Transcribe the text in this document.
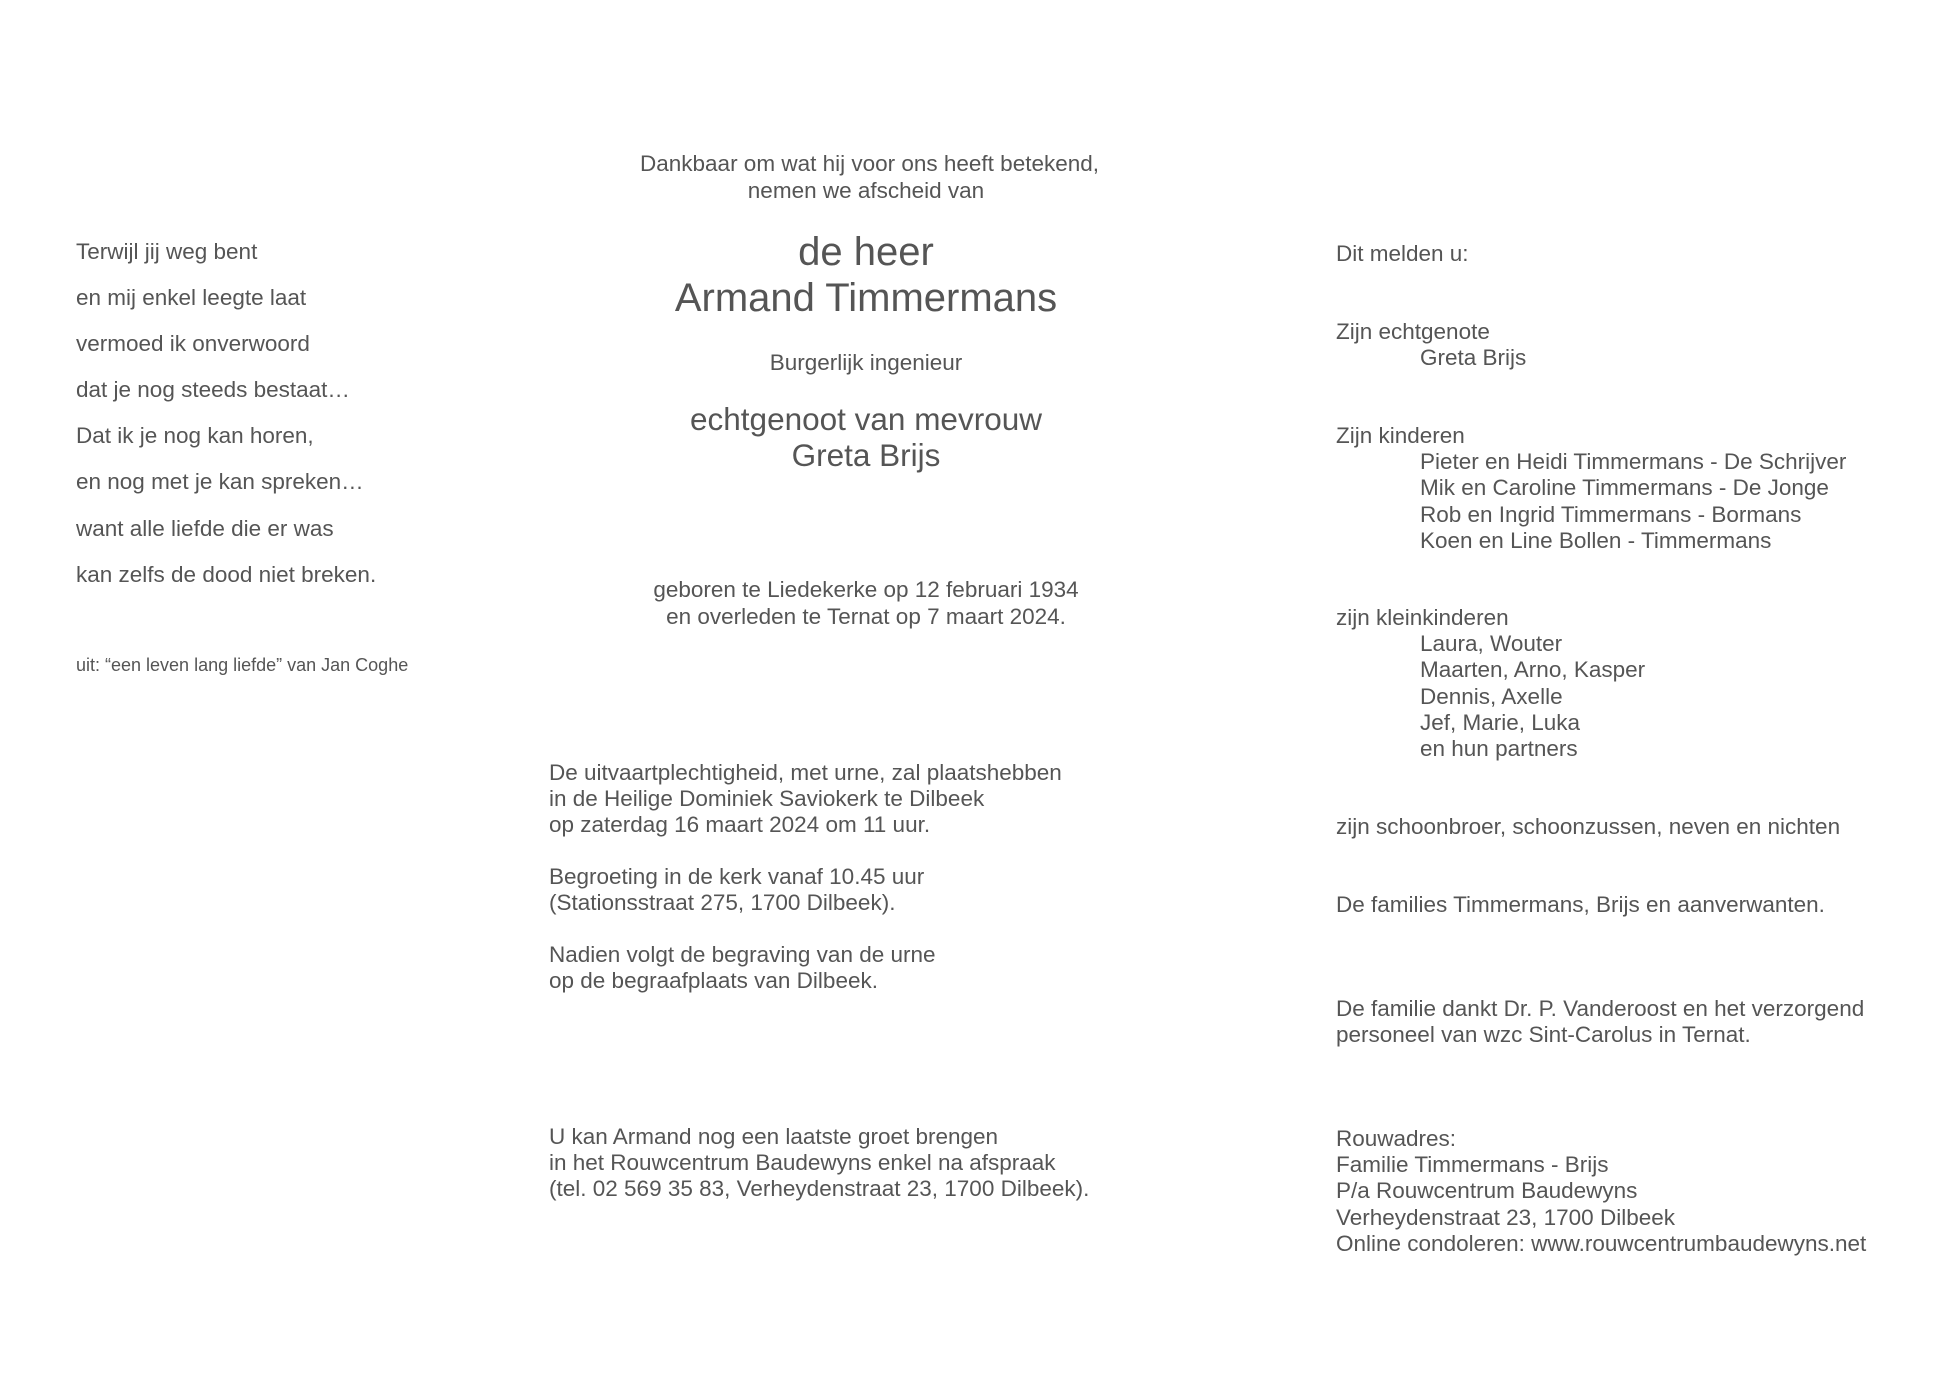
Terwijl jij weg bent
en mij enkel leegte laat
vermoed ik onverwoord
dat je nog steeds bestaat…
Dat ik je nog kan horen,
en nog met je kan spreken…
want alle liefde die er was
kan zelfs de dood niet breken.
uit: “een leven lang liefde” van Jan Coghe
Dankbaar om wat hij voor ons heeft betekend,
nemen we afscheid van
de heer
Armand Timmermans
Burgerlijk ingenieur
echtgenoot van mevrouw
Greta Brijs
geboren te Liedekerke op 12 februari 1934
en overleden te Ternat op 7 maart 2024.
De uitvaartplechtigheid, met urne, zal plaatshebben
in de Heilige Dominiek Saviokerk te Dilbeek
op zaterdag 16 maart 2024 om 11 uur.
Begroeting in de kerk vanaf 10.45 uur
(Stationsstraat 275, 1700 Dilbeek).
Nadien volgt de begraving van de urne
op de begraafplaats van Dilbeek.
U kan Armand nog een laatste groet brengen
in het Rouwcentrum Baudewyns enkel na afspraak
(tel. 02 569 35 83, Verheydenstraat 23, 1700 Dilbeek).
Dit melden u:
Zijn echtgenote
Greta Brijs
Zijn kinderen
Pieter en Heidi Timmermans - De Schrijver
Mik en Caroline Timmermans - De Jonge
Rob en Ingrid Timmermans - Bormans
Koen en Line Bollen - Timmermans
zijn kleinkinderen
Laura, Wouter
Maarten, Arno, Kasper
Dennis, Axelle
Jef, Marie, Luka
en hun partners
zijn schoonbroer, schoonzussen, neven en nichten
De families Timmermans, Brijs en aanverwanten.
De familie dankt Dr. P. Vanderoost en het verzorgend
personeel van wzc Sint-Carolus in Ternat.
Rouwadres:
Familie Timmermans - Brijs
P/a Rouwcentrum Baudewyns
Verheydenstraat 23, 1700 Dilbeek
Online condoleren: www.rouwcentrumbaudewyns.net
